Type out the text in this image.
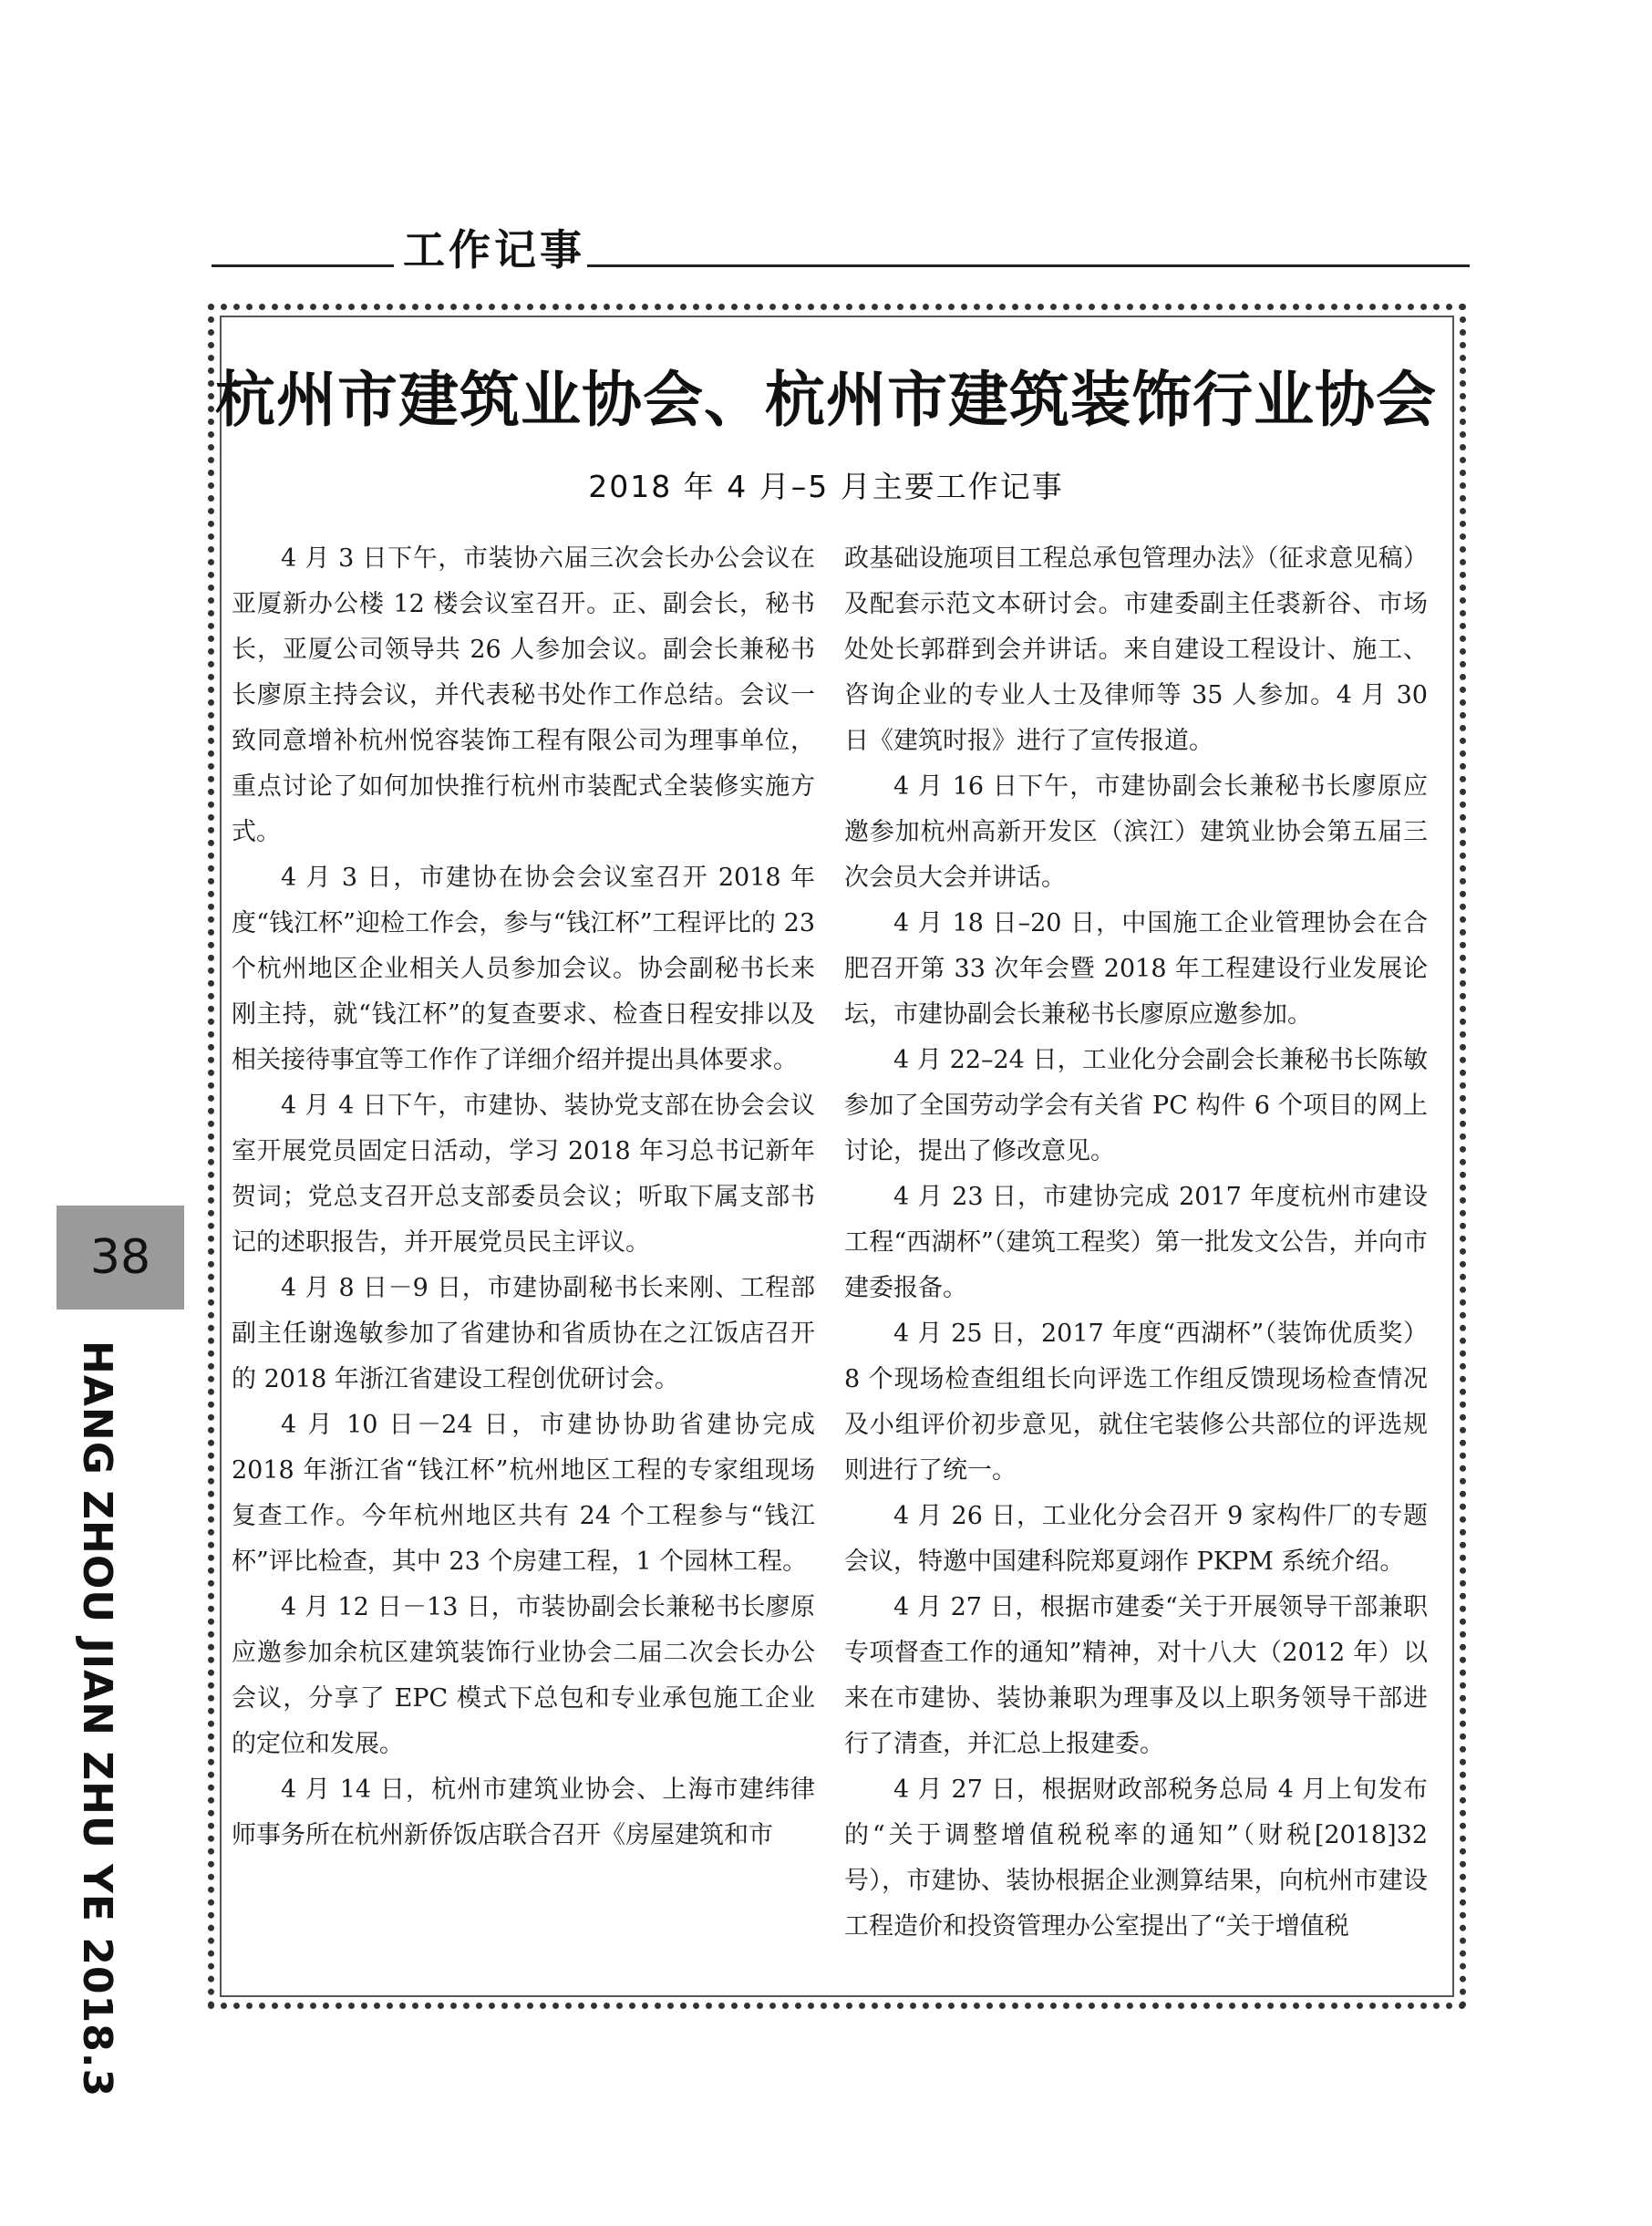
工作记事
杭州市建筑业协会、杭州市建筑装饰行业协会
2018 年 4 月–5 月主要工作记事

4 月 3 日下午，市装协六届三次会长办公会议在亚厦新办公楼 12 楼会议室召开。正、副会长，秘书长，亚厦公司领导共 26 人参加会议。副会长兼秘书长廖原主持会议，并代表秘书处作工作总结。会议一致同意增补杭州悦容装饰工程有限公司为理事单位，重点讨论了如何加快推行杭州市装配式全装修实施方式。

4 月 3 日，市建协在协会会议室召开 2018 年度“钱江杯”迎检工作会，参与“钱江杯”工程评比的 23 个杭州地区企业相关人员参加会议。协会副秘书长来刚主持，就“钱江杯”的复查要求、检查日程安排以及相关接待事宜等工作作了详细介绍并提出具体要求。

4 月 4 日下午，市建协、装协党支部在协会会议室开展党员固定日活动，学习 2018 年习总书记新年贺词；党总支召开总支部委员会议；听取下属支部书记的述职报告，并开展党员民主评议。

4 月 8 日－9 日，市建协副秘书长来刚、工程部副主任谢逸敏参加了省建协和省质协在之江饭店召开的 2018 年浙江省建设工程创优研讨会。

4 月 10 日－24 日，市建协协助省建协完成 2018 年浙江省“钱江杯”杭州地区工程的专家组现场复查工作。今年杭州地区共有 24 个工程参与“钱江杯”评比检查，其中 23 个房建工程，1 个园林工程。

4 月 12 日－13 日，市装协副会长兼秘书长廖原应邀参加余杭区建筑装饰行业协会二届二次会长办公会议，分享了 EPC 模式下总包和专业承包施工企业的定位和发展。

4 月 14 日，杭州市建筑业协会、上海市建纬律师事务所在杭州新侨饭店联合召开《房屋建筑和市

政基础设施项目工程总承包管理办法》（征求意见稿）及配套示范文本研讨会。市建委副主任裘新谷、市场处处长郭群到会并讲话。来自建设工程设计、施工、咨询企业的专业人士及律师等 35 人参加。4 月 30 日《建筑时报》进行了宣传报道。

4 月 16 日下午，市建协副会长兼秘书长廖原应邀参加杭州高新开发区（滨江）建筑业协会第五届三次会员大会并讲话。

4 月 18 日–20 日，中国施工企业管理协会在合肥召开第 33 次年会暨 2018 年工程建设行业发展论坛，市建协副会长兼秘书长廖原应邀参加。

4 月 22–24 日，工业化分会副会长兼秘书长陈敏参加了全国劳动学会有关省 PC 构件 6 个项目的网上讨论，提出了修改意见。

4 月 23 日，市建协完成 2017 年度杭州市建设工程“西湖杯”（建筑工程奖）第一批发文公告，并向市建委报备。

4 月 25 日，2017 年度“西湖杯”（装饰优质奖）8 个现场检查组组长向评选工作组反馈现场检查情况及小组评价初步意见，就住宅装修公共部位的评选规则进行了统一。

4 月 26 日，工业化分会召开 9 家构件厂的专题会议，特邀中国建科院郑夏翊作 PKPM 系统介绍。

4 月 27 日，根据市建委“关于开展领导干部兼职专项督查工作的通知”精神，对十八大（2012 年）以来在市建协、装协兼职为理事及以上职务领导干部进行了清查，并汇总上报建委。

4 月 27 日，根据财政部税务总局 4 月上旬发布的“关于调整增值税税率的通知”（财税[2018]32 号），市建协、装协根据企业测算结果，向杭州市建设工程造价和投资管理办公室提出了“关于增值税

38
HANG ZHOU JIAN ZHU YE 2018.3
